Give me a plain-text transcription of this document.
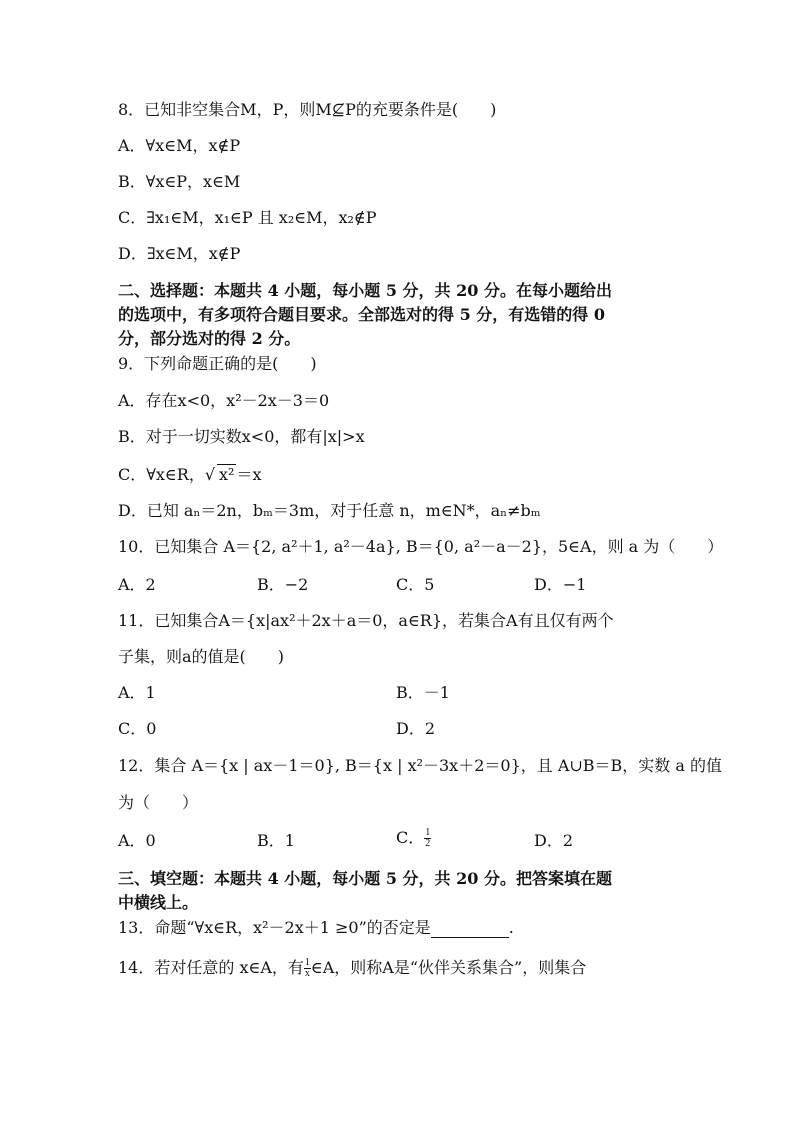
8．已知非空集合M，P，则M⊈P的充要条件是(　　)
A．∀x∈M，x∉P
B．∀x∈P，x∈M
C．∃x₁∈M，x₁∈P 且 x₂∈M，x₂∉P
D．∃x∈M，x∉P
二、选择题：本题共 4 小题，每小题 5 分，共 20 分。在每小题给出
的选项中，有多项符合题目要求。全部选对的得 5 分，有选错的得 0
分，部分选对的得 2 分。
9．下列命题正确的是(　　)
A．存在x<0，x²－2x－3＝0
B．对于一切实数x<0，都有|x|>x
C．∀x∈R，√ x² ＝x
D．已知 aₙ＝2n，bₘ＝3m，对于任意 n，m∈N*，aₙ≠bₘ
10．已知集合 A＝{2, a²＋1, a²－4a}, B＝{0, a²－a－2}，5∈A，则 a 为（　　）
A．2	B．−2	C．5	D．−1
11．已知集合A＝{x|ax²＋2x＋a＝0，a∈R}，若集合A有且仅有两个
子集，则a的值是(　　)
A．1	B．－1
C．0	D．2
12．集合 A＝{x | ax－1＝0}, B＝{x | x²－3x＋2＝0}，且 A∪B＝B，实数 a 的值
为（　　）
A．0	B．1	C． $\frac{1}{2}$	D．2
三、填空题：本题共 4 小题，每小题 5 分，共 20 分。把答案填在题
中横线上。
13．命题“∀x∈R，x²－2x＋1 ≥0”的否定是	.
14．若对任意的 x∈A，有 $\frac{1}{x}$ ∈A，则称A是“伙伴关系集合”，则集合
